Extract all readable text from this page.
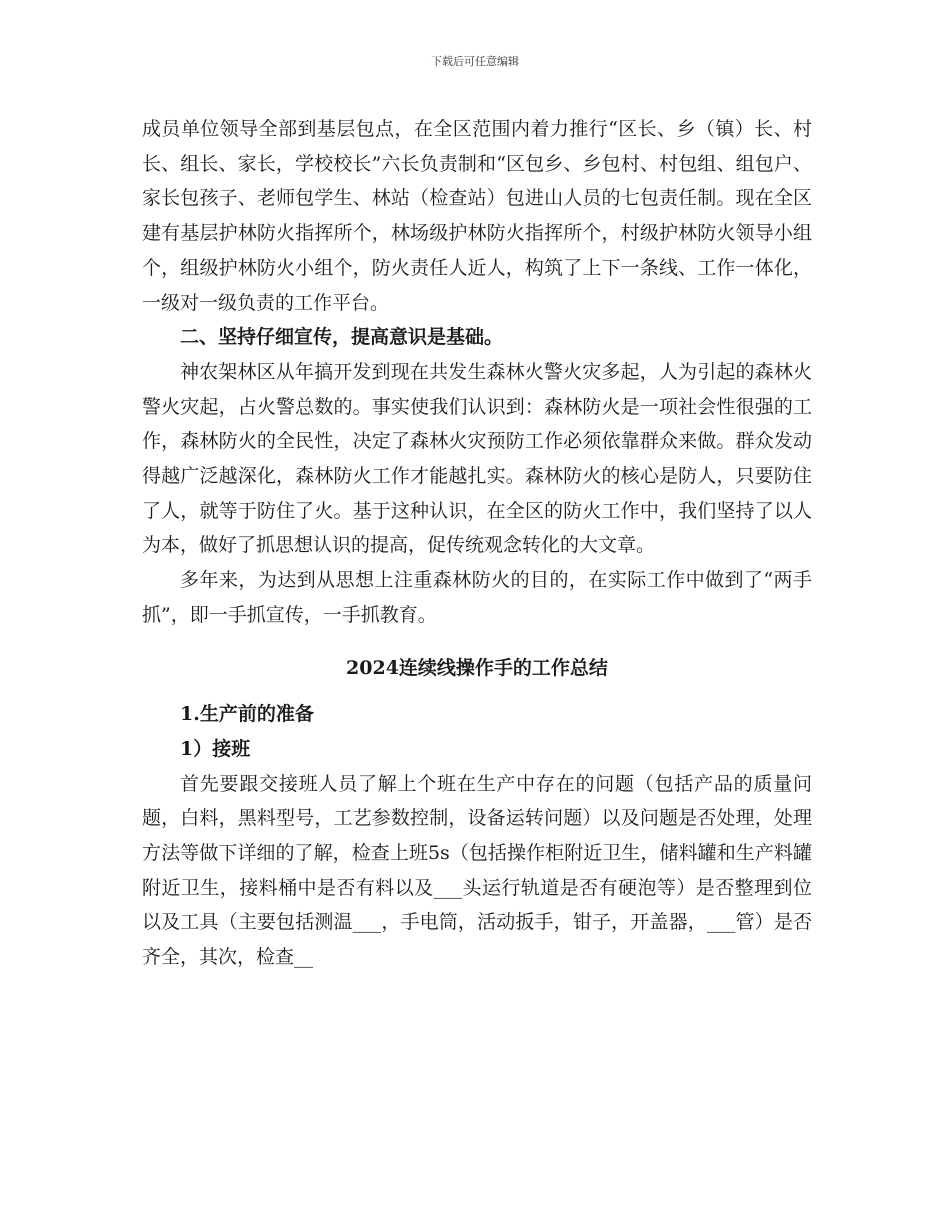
下载后可任意编辑

成员单位领导全部到基层包点，在全区范围内着力推行“区长、乡（镇）长、村长、组长、家长，学校校长”六长负责制和“区包乡、乡包村、村包组、组包户、家长包孩子、老师包学生、林站（检查站）包进山人员的七包责任制。现在全区建有基层护林防火指挥所个，林场级护林防火指挥所个，村级护林防火领导小组个，组级护林防火小组个，防火责任人近人，构筑了上下一条线、工作一体化，一级对一级负责的工作平台。

二、坚持仔细宣传，提高意识是基础。

神农架林区从年搞开发到现在共发生森林火警火灾多起，人为引起的森林火警火灾起，占火警总数的。事实使我们认识到：森林防火是一项社会性很强的工作，森林防火的全民性，决定了森林火灾预防工作必须依靠群众来做。群众发动得越广泛越深化，森林防火工作才能越扎实。森林防火的核心是防人，只要防住了人，就等于防住了火。基于这种认识，在全区的防火工作中，我们坚持了以人为本，做好了抓思想认识的提高，促传统观念转化的大文章。

多年来，为达到从思想上注重森林防火的目的，在实际工作中做到了“两手抓”，即一手抓宣传，一手抓教育。

2024连续线操作手的工作总结

1.生产前的准备

1）接班

首先要跟交接班人员了解上个班在生产中存在的问题（包括产品的质量问题，白料，黑料型号，工艺参数控制，设备运转问题）以及问题是否处理，处理方法等做下详细的了解，检查上班5s（包括操作柜附近卫生，储料罐和生产料罐附近卫生，接料桶中是否有料以及___头运行轨道是否有硬泡等）是否整理到位以及工具（主要包括测温___，手电筒，活动扳手，钳子，开盖器，___管）是否齐全，其次，检查__
